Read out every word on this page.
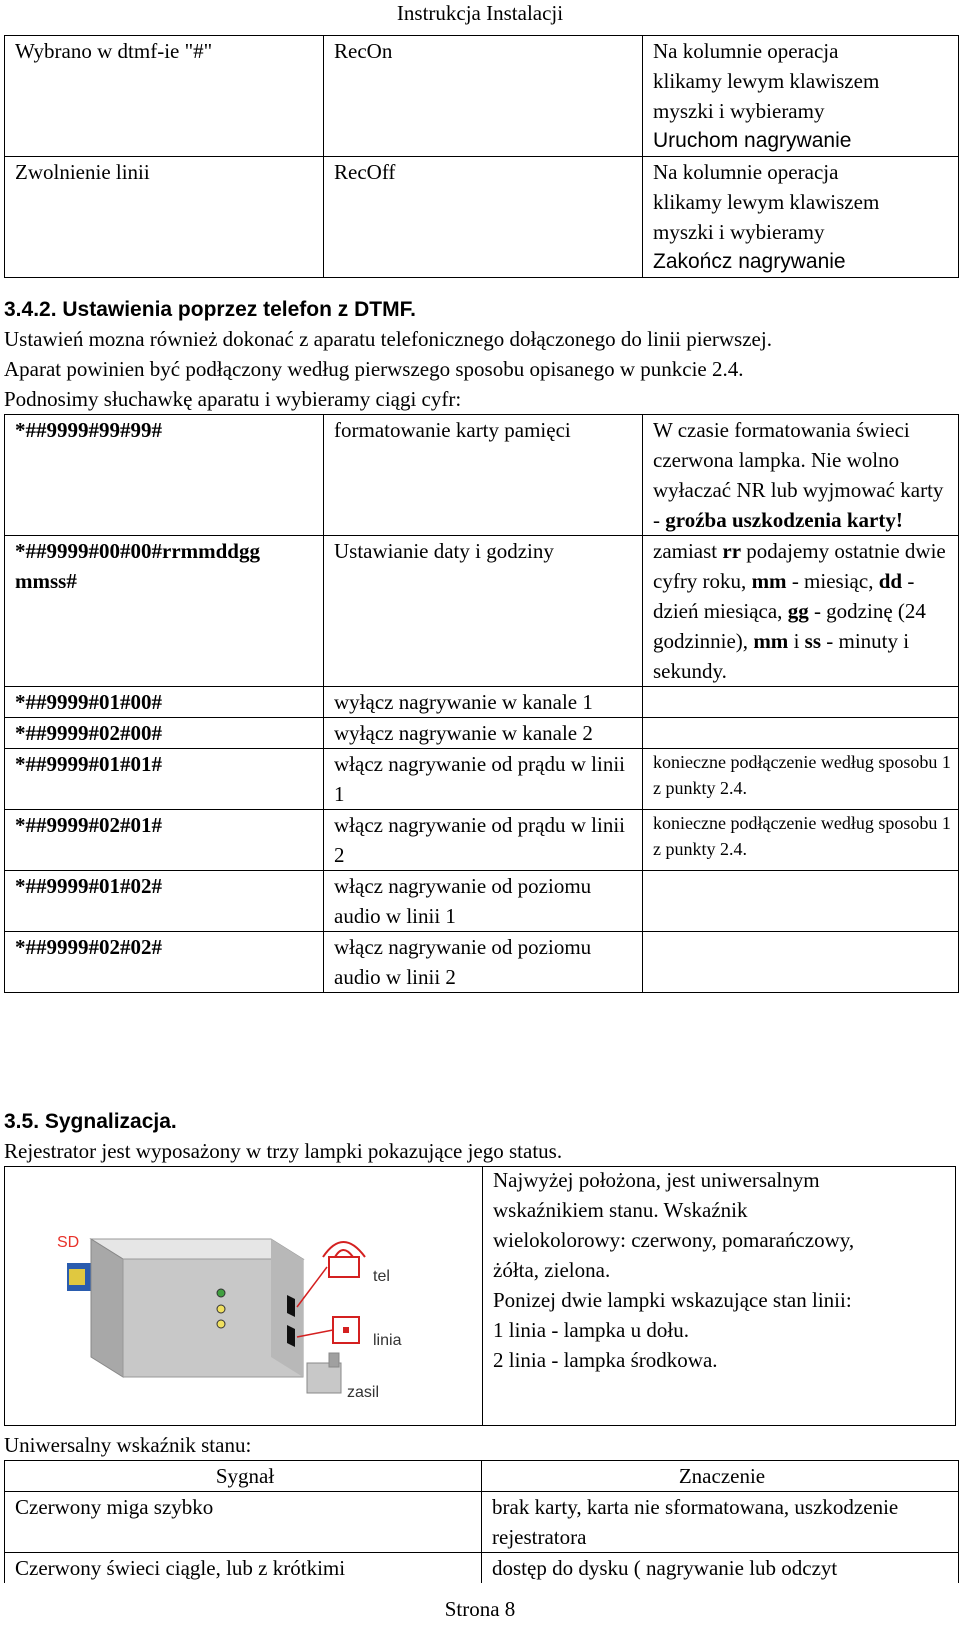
Instrukcja Instalacji
Wybrano w dtmf-ie "#"	RecOn	Na kolumnie operacja
klikamy lewym klawiszem
myszki i wybieramy
Uruchom nagrywanie

Zwolnienie linii	RecOff	Na kolumnie operacja
klikamy lewym klawiszem
myszki i wybieramy
Zakończ nagrywanie
3.4.2. Ustawienia poprzez telefon z DTMF.
Ustawień mozna również dokonać z aparatu telefonicznego dołączonego do linii pierwszej.
Aparat powinien być podłączony według pierwszego sposobu opisanego w punkcie 2.4.
Podnosimy słuchawkę aparatu i wybieramy ciągi cyfr:
*##9999#99#99#	formatowanie karty pamięci	W czasie formatowania świeci czerwona lampka. Nie wolno wyłaczać NR lub wyjmować karty - groźba uszkodzenia karty!
*##9999#00#00#rrmmddgg mmss#	Ustawianie daty i godziny	zamiast rr podajemy ostatnie dwie cyfry roku, mm - miesiąc, dd - dzień miesiąca, gg - godzinę (24 godzinnie), mm i ss - minuty i sekundy.
*##9999#01#00#	wyłącz nagrywanie w kanale 1	
*##9999#02#00#	wyłącz nagrywanie w kanale 2	
*##9999#01#01#	włącz nagrywanie od prądu w linii 1	konieczne podłączenie według sposobu 1 z punkty 2.4.
*##9999#02#01#	włącz nagrywanie od prądu w linii 2	konieczne podłączenie według sposobu 1 z punkty 2.4.
*##9999#01#02#	włącz nagrywanie od poziomu audio w linii 1	
*##9999#02#02#	włącz nagrywanie od poziomu audio w linii 2	
3.5. Sygnalizacja.
Rejestrator jest wyposażony w trzy lampki pokazujące jego status.
SD
tel
linia
zasil
Najwyżej położona, jest uniwersalnym
wskaźnikiem stanu. Wskaźnik
wielokolorowy: czerwony, pomarańczowy,
żółta, zielona.
Ponizej dwie lampki wskazujące stan linii:
1 linia - lampka u dołu.
2 linia - lampka środkowa.
Uniwersalny wskaźnik stanu:
Sygnał	Znaczenie
Czerwony miga szybko	brak karty, karta nie sformatowana, uszkodzenie rejestratora
Czerwony świeci ciągle, lub z krótkimi	dostęp do dysku ( nagrywanie lub odczyt
Strona 8
